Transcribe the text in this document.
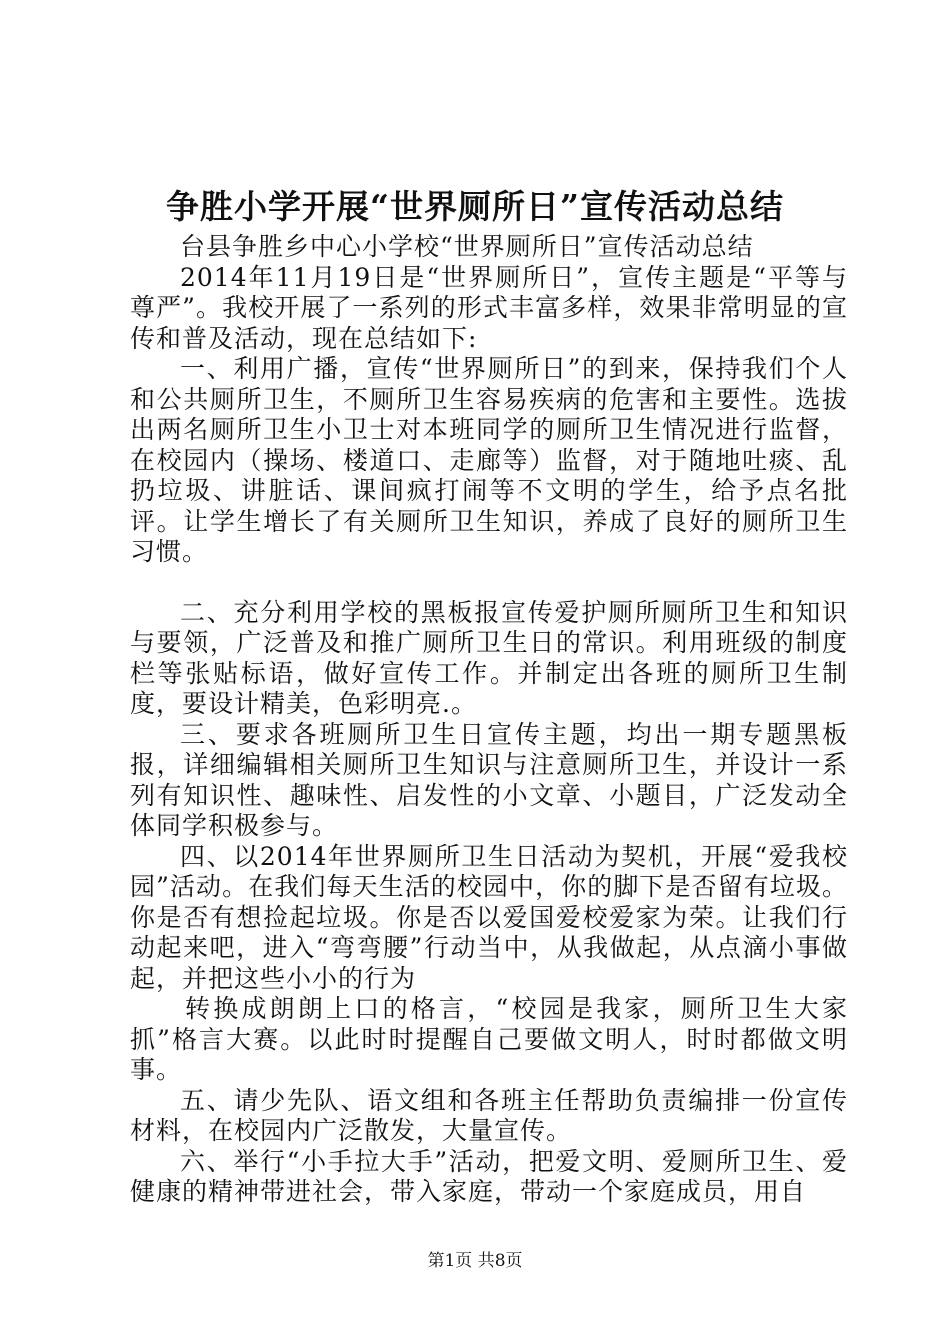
争胜小学开展“世界厕所日”宣传活动总结

台县争胜乡中心小学校“世界厕所日”宣传活动总结

2014年11月19日是“世界厕所日”，宣传主题是“平等与尊严”。我校开展了一系列的形式丰富多样，效果非常明显的宣传和普及活动，现在总结如下:

一、利用广播，宣传“世界厕所日”的到来，保持我们个人和公共厕所卫生，不厕所卫生容易疾病的危害和主要性。选拔出两名厕所卫生小卫士对本班同学的厕所卫生情况进行监督，在校园内（操场、楼道口、走廊等）监督，对于随地吐痰、乱扔垃圾、讲脏话、课间疯打闹等不文明的学生，给予点名批评。让学生增长了有关厕所卫生知识，养成了良好的厕所卫生习惯。

二、充分利用学校的黑板报宣传爱护厕所厕所卫生和知识与要领，广泛普及和推广厕所卫生日的常识。利用班级的制度栏等张贴标语，做好宣传工作。并制定出各班的厕所卫生制度，要设计精美，色彩明亮.。

三、要求各班厕所卫生日宣传主题，均出一期专题黑板报，详细编辑相关厕所卫生知识与注意厕所卫生，并设计一系列有知识性、趣味性、启发性的小文章、小题目，广泛发动全体同学积极参与。

四、以2014年世界厕所卫生日活动为契机，开展“爱我校园”活动。在我们每天生活的校园中，你的脚下是否留有垃圾。你是否有想捡起垃圾。你是否以爱国爱校爱家为荣。让我们行动起来吧，进入“弯弯腰”行动当中，从我做起，从点滴小事做起，并把这些小小的行为

转换成朗朗上口的格言，“校园是我家，厕所卫生大家抓”格言大赛。以此时时提醒自己要做文明人，时时都做文明事。

五、请少先队、语文组和各班主任帮助负责编排一份宣传材料，在校园内广泛散发，大量宣传。

六、举行“小手拉大手”活动，把爱文明、爱厕所卫生、爱健康的精神带进社会，带入家庭，带动一个家庭成员，用自

第1页 共8页
